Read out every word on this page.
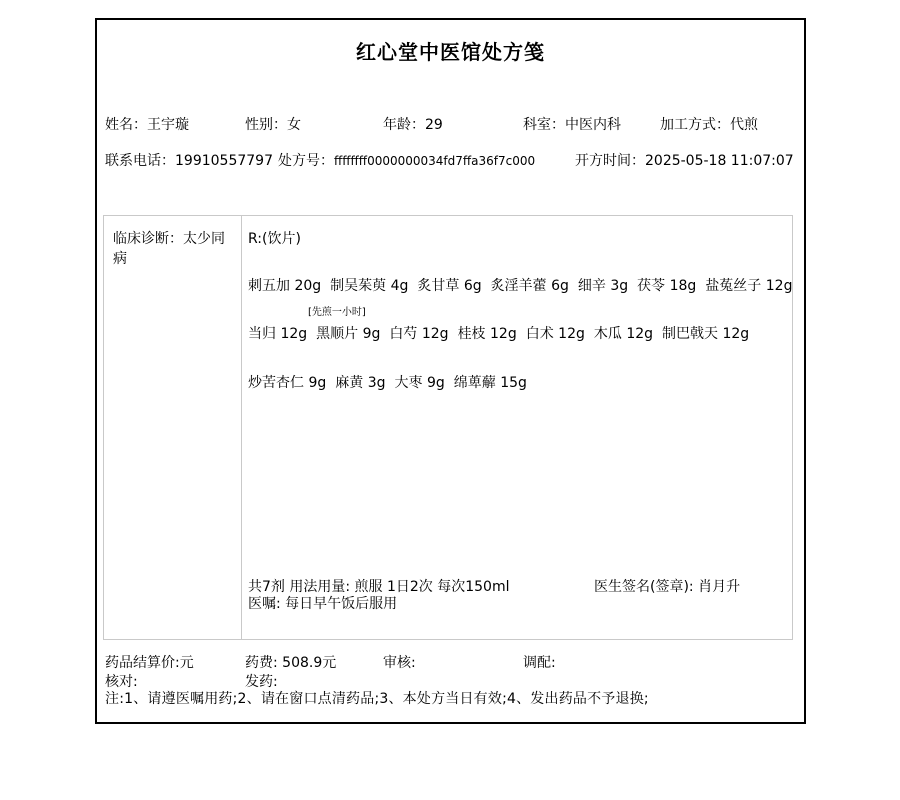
红心堂中医馆处方笺
姓名：王宇璇	性别：女	年龄：29	科室：中医内科	加工方式：代煎
联系电话：19910557797 处方号：ffffffff0000000034fd7ffa36f7c000	开方时间：2025-05-18 11:07:07
临床诊断：太少同病
R:(饮片)
刺五加 20g 制吴茱萸 4g 炙甘草 6g 炙淫羊藿 6g 细辛 3g 茯苓 18g 盐菟丝子 12g
[先煎一小时]
当归 12g 黑顺片 9g 白芍 12g 桂枝 12g 白术 12g 木瓜 12g 制巴戟天 12g
炒苦杏仁 9g 麻黄 3g 大枣 9g 绵萆薢 15g
共7剂 用法用量: 煎服 1日2次 每次150ml	医生签名(签章): 肖月升
医嘱: 每日早午饭后服用
药品结算价:元	药费: 508.9元	审核:	调配:
核对:	发药:
注:1、请遵医嘱用药;2、请在窗口点清药品;3、本处方当日有效;4、发出药品不予退换;
